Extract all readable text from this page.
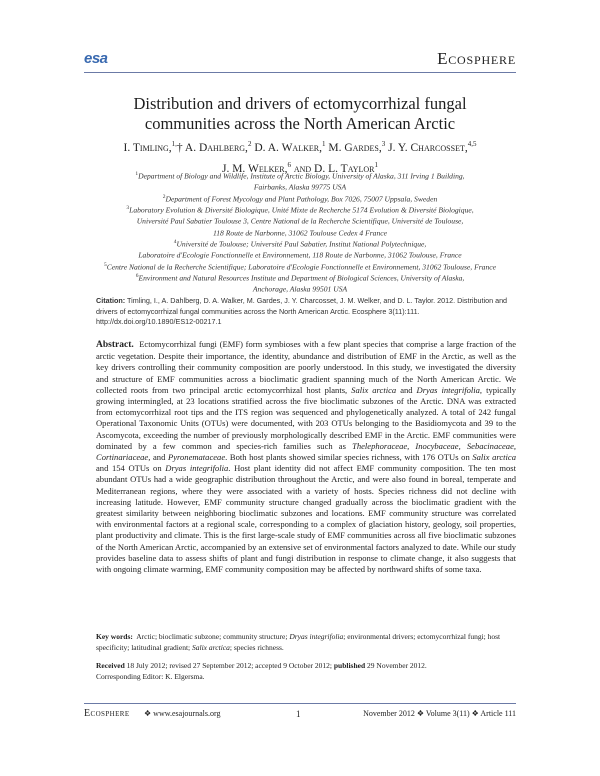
esa	Ecosphere
Distribution and drivers of ectomycorrhizal fungal
communities across the North American Arctic
I. Timling,$^{1,}$† A. Dahlberg,$^2$ D. A. Walker,$^1$ M. Gardes,$^3$ J. Y. Charcosset,$^{4,5}$
J. M. Welker,$^6$ and D. L. Taylor$^1$
$^1$Department of Biology and Wildlife, Institute of Arctic Biology, University of Alaska, 311 Irving 1 Building,
Fairbanks, Alaska 99775 USA
$^2$Department of Forest Mycology and Plant Pathology, Box 7026, 75007 Uppsala, Sweden
$^3$Laboratory Evolution & Diversité Biologique, Unité Mixte de Recherche 5174 Evolution & Diversité Biologique,
Université Paul Sabatier Toulouse 3, Centre National de la Recherche Scientifique, Université de Toulouse,
118 Route de Narbonne, 31062 Toulouse Cedex 4 France
$^4$Université de Toulouse; Université Paul Sabatier, Institut National Polytechnique,
Laboratoire d'Ecologie Fonctionnelle et Environnement, 118 Route de Narbonne, 31062 Toulouse, France
$^5$Centre National de la Recherche Scientifique; Laboratoire d'Ecologie Fonctionnelle et Environnement, 31062 Toulouse, France
$^6$Environment and Natural Resources Institute and Department of Biological Sciences, University of Alaska,
Anchorage, Alaska 99501 USA
Citation: Timling, I., A. Dahlberg, D. A. Walker, M. Gardes, J. Y. Charcosset, J. M. Welker, and D. L. Taylor. 2012. Distribution and drivers of ectomycorrhizal fungal communities across the North American Arctic. Ecosphere 3(11):111. http://dx.doi.org/10.1890/ES12-00217.1
Abstract. Ectomycorrhizal fungi (EMF) form symbioses with a few plant species that comprise a large fraction of the arctic vegetation. Despite their importance, the identity, abundance and distribution of EMF in the Arctic, as well as the key drivers controlling their community composition are poorly understood. In this study, we investigated the diversity and structure of EMF communities across a bioclimatic gradient spanning much of the North American Arctic. We collected roots from two principal arctic ectomycorrhizal host plants, Salix arctica and Dryas integrifolia, typically growing intermingled, at 23 locations stratified across the five bioclimatic subzones of the Arctic. DNA was extracted from ectomycorrhizal root tips and the ITS region was sequenced and phylogenetically analyzed. A total of 242 fungal Operational Taxonomic Units (OTUs) were documented, with 203 OTUs belonging to the Basidiomycota and 39 to the Ascomycota, exceeding the number of previously morphologically described EMF in the Arctic. EMF communities were dominated by a few common and species-rich families such as Thelephoraceae, Inocybaceae, Sebacinaceae, Cortinariaceae, and Pyronemataceae. Both host plants showed similar species richness, with 176 OTUs on Salix arctica and 154 OTUs on Dryas integrifolia. Host plant identity did not affect EMF community composition. The ten most abundant OTUs had a wide geographic distribution throughout the Arctic, and were also found in boreal, temperate and Mediterranean regions, where they were associated with a variety of hosts. Species richness did not decline with increasing latitude. However, EMF community structure changed gradually across the bioclimatic gradient with the greatest similarity between neighboring bioclimatic subzones and locations. EMF community structure was correlated with environmental factors at a regional scale, corresponding to a complex of glaciation history, geology, soil properties, plant productivity and climate. This is the first large-scale study of EMF communities across all five bioclimatic subzones of the North American Arctic, accompanied by an extensive set of environmental factors analyzed to date. While our study provides baseline data to assess shifts of plant and fungi distribution in response to climate change, it also suggests that with ongoing climate warming, EMF community composition may be affected by northward shifts of some taxa.
Key words: Arctic; bioclimatic subzone; community structure; Dryas integrifolia; environmental drivers; ectomycorrhizal fungi; host specificity; latitudinal gradient; Salix arctica; species richness.
Received 18 July 2012; revised 27 September 2012; accepted 9 October 2012; published 29 November 2012.
Corresponding Editor: K. Elgersma.
Ecosphere ❖ www.esajournals.org	1	November 2012 ❖ Volume 3(11) ❖ Article 111
